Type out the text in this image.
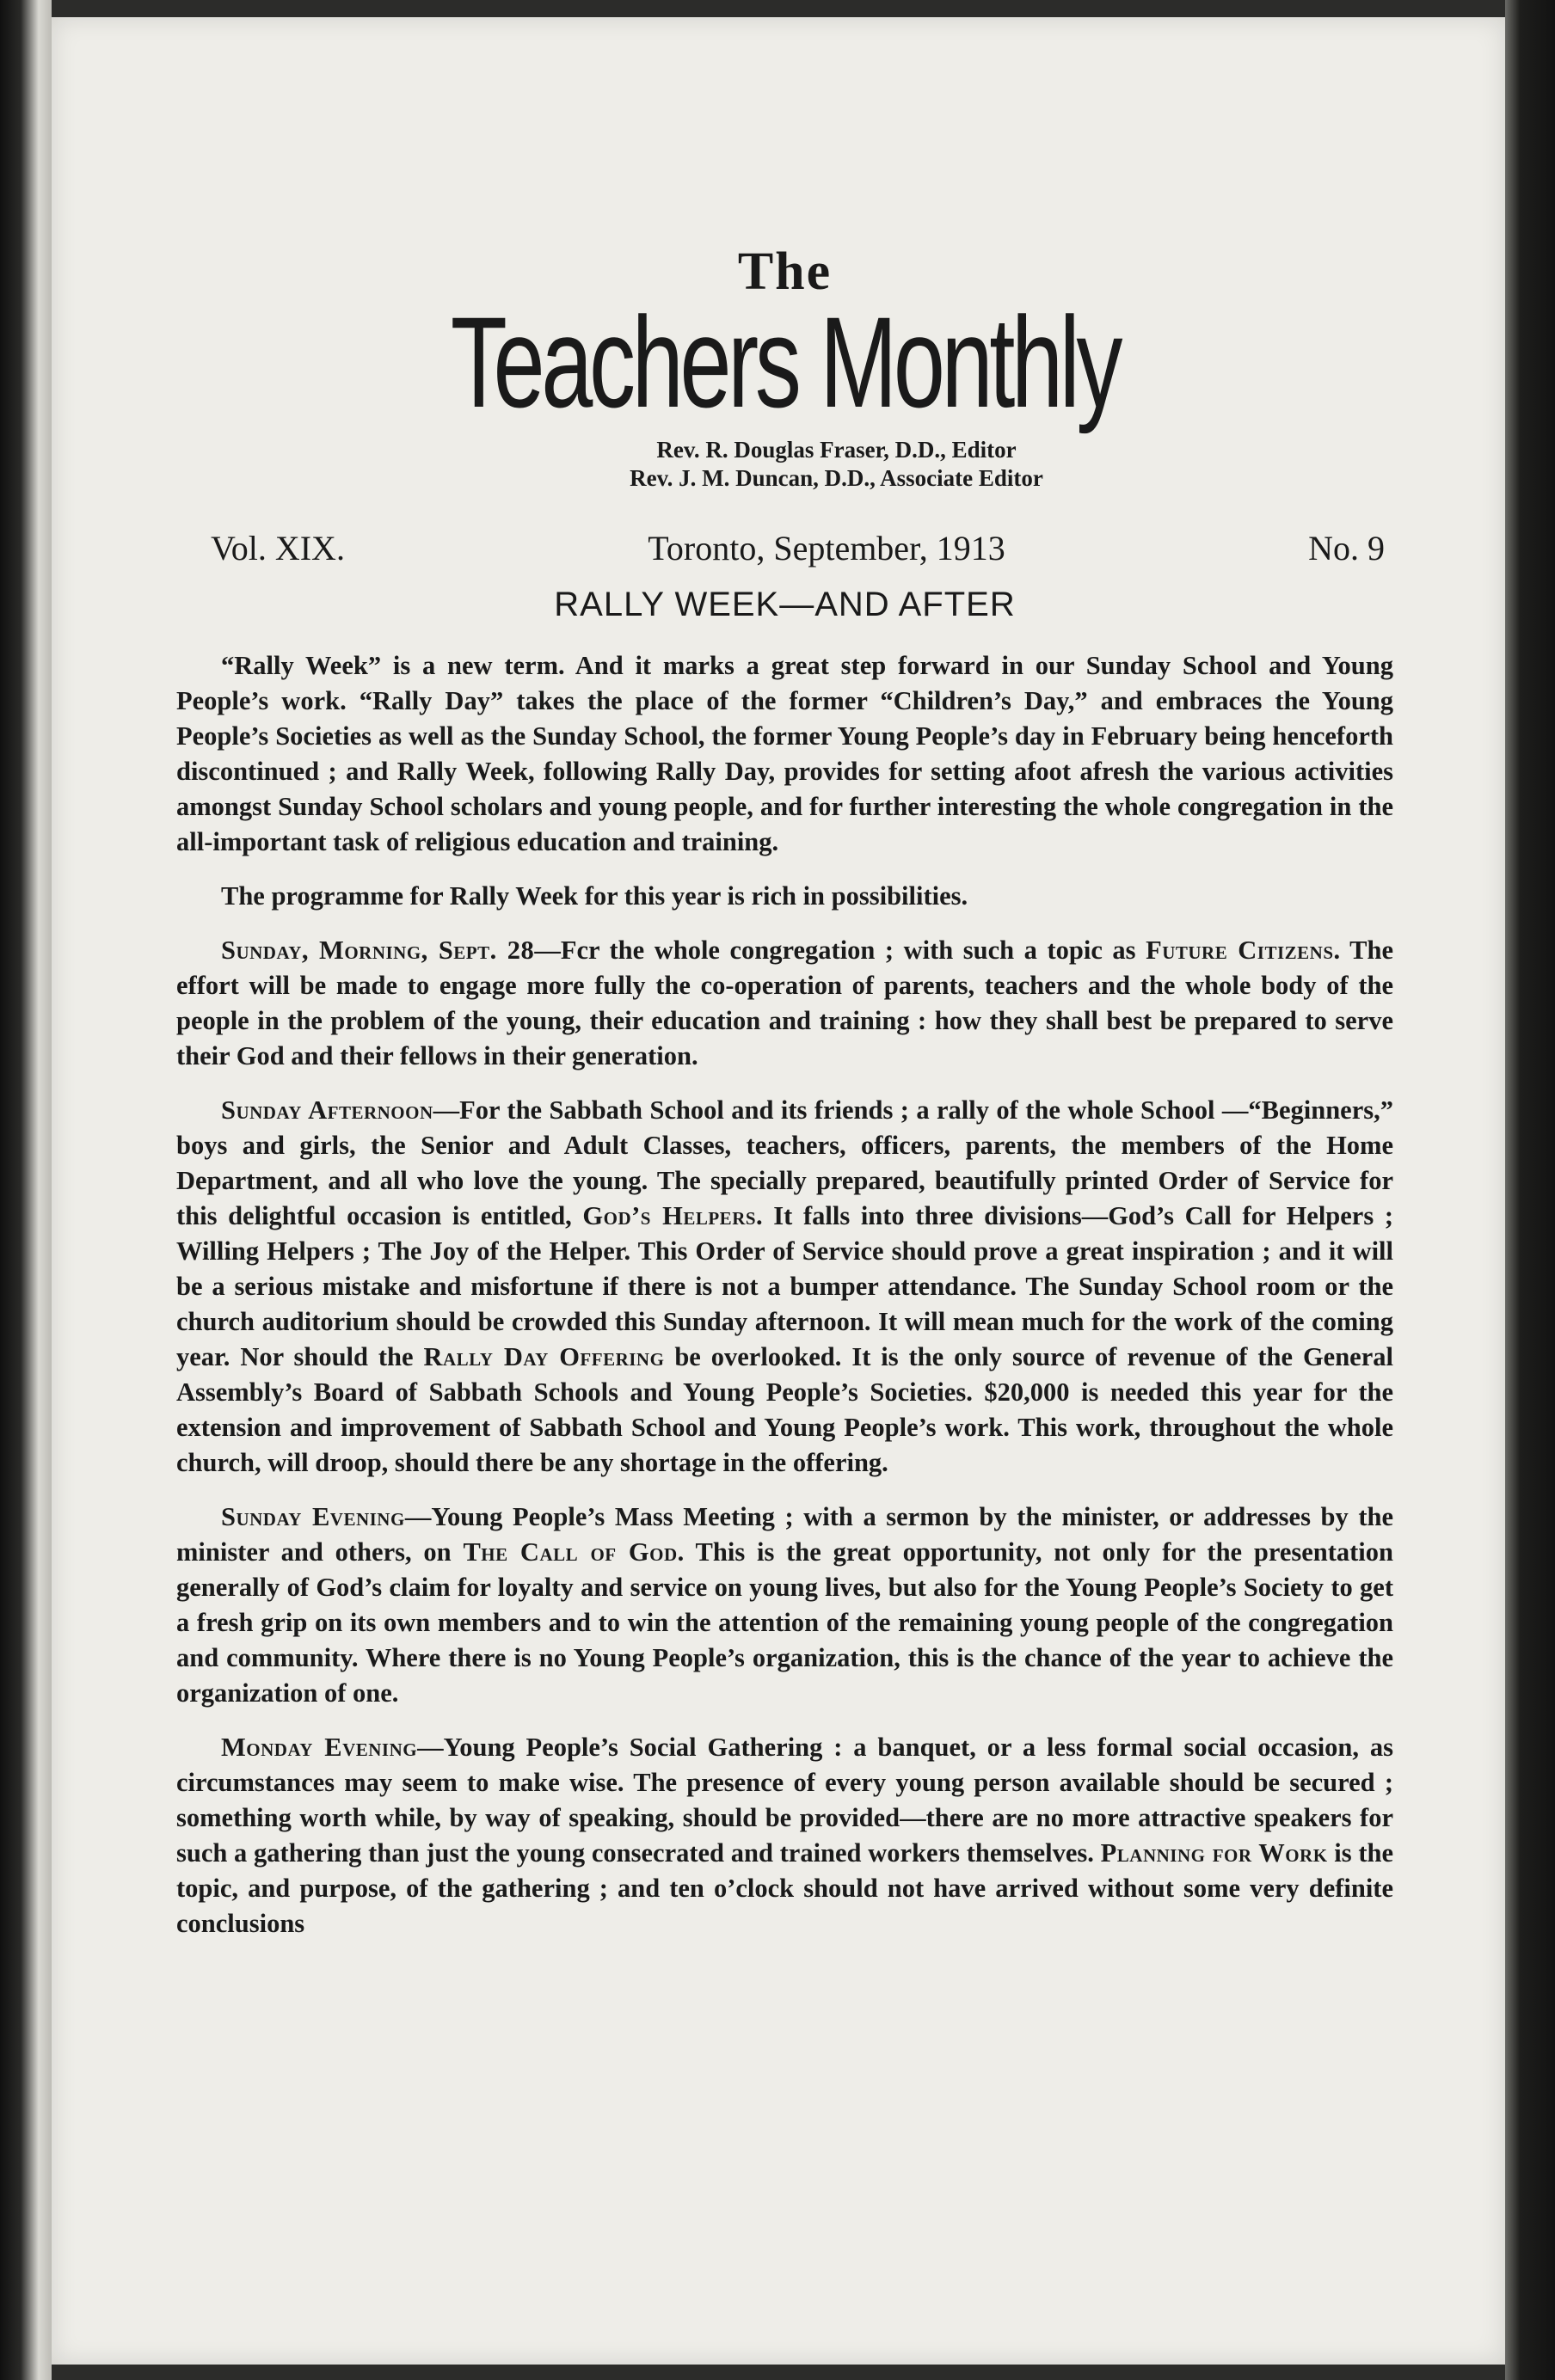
The
Teachers Monthly
Rev. R. Douglas Fraser, D.D., Editor
Rev. J. M. Duncan, D.D., Associate Editor
Vol. XIX.	Toronto, September, 1913	No. 9
RALLY WEEK—AND AFTER

“Rally Week” is a new term. And it marks a great step forward in our Sunday School and Young People’s work. “Rally Day” takes the place of the former “Children’s Day,” and embraces the Young People’s Societies as well as the Sunday School, the former Young People’s day in February being henceforth discontinued ; and Rally Week, following Rally Day, provides for setting afoot afresh the various activities amongst Sunday School scholars and young people, and for further interesting the whole congregation in the all-important task of religious education and training.

The programme for Rally Week for this year is rich in possibilities.

Sunday, Morning, Sept. 28—Fcr the whole congregation ; with such a topic as Future Citizens. The effort will be made to engage more fully the co-operation of parents, teachers and the whole body of the people in the problem of the young, their education and training : how they shall best be prepared to serve their God and their fellows in their generation.

Sunday Afternoon—For the Sabbath School and its friends ; a rally of the whole School —“Beginners,” boys and girls, the Senior and Adult Classes, teachers, officers, parents, the members of the Home Department, and all who love the young. The specially prepared, beautifully printed Order of Service for this delightful occasion is entitled, God’s Helpers. It falls into three divisions—God’s Call for Helpers ; Willing Helpers ; The Joy of the Helper. This Order of Service should prove a great inspiration ; and it will be a serious mistake and misfortune if there is not a bumper attendance. The Sunday School room or the church auditorium should be crowded this Sunday afternoon. It will mean much for the work of the coming year. Nor should the Rally Day Offering be overlooked. It is the only source of revenue of the General Assembly’s Board of Sabbath Schools and Young People’s Societies. $20,000 is needed this year for the extension and improvement of Sabbath School and Young People’s work. This work, throughout the whole church, will droop, should there be any shortage in the offering.

Sunday Evening—Young People’s Mass Meeting ; with a sermon by the minister, or addresses by the minister and others, on The Call of God. This is the great opportunity, not only for the presentation generally of God’s claim for loyalty and service on young lives, but also for the Young People’s Society to get a fresh grip on its own members and to win the attention of the remaining young people of the congregation and community. Where there is no Young People’s organization, this is the chance of the year to achieve the organization of one.

Monday Evening—Young People’s Social Gathering : a banquet, or a less formal social occasion, as circumstances may seem to make wise. The presence of every young person available should be secured ; something worth while, by way of speaking, should be provided—there are no more attractive speakers for such a gathering than just the young consecrated and trained workers themselves. Planning for Work is the topic, and purpose, of the gathering ; and ten o’clock should not have arrived without some very definite conclusions
